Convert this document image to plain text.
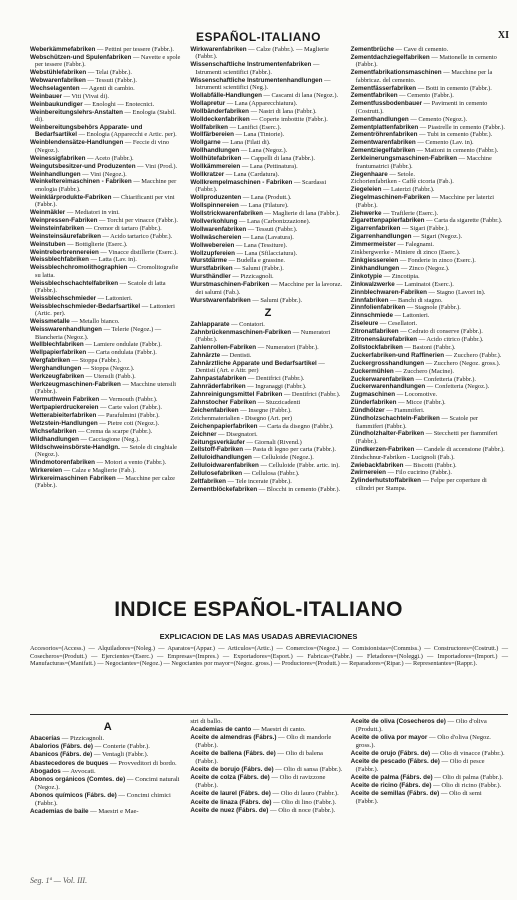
ESPAÑOL-ITALIANO	XI
Weberkämmefabriken — Pettini per tessere (Fabbr.).
Webschützen-und Spulenfabriken — Navette e spole per tessere (Fabbr.).
Webstühlefabriken — Telai (Fabbr.).
Webwarenfabriken — Tessuti (Fabbr.).
Wechselagenten — Agenti di cambio.
Weinbauer — Viti (Vivai di).
Weinbaukundiger — Enologhi — Enotecnici.
Weinbereitungslehrs-Anstalten — Enologia (Stabil. di).
Weinbereitungsbehörs Apparate- und Bedarfsartikel — Enologia (Apparecchi e Artic. per).
Weinblendensätze-Handlungen — Feccie di vino (Negoz.).
Weinessigfabriken — Aceto (Fabbr.).
Weingutsbesitzer-und Produzenten — Vini (Prod.).
Weinhandlungen — Vini (Negoz.).
Weinkeltereimaschinen - Fabriken — Macchine per enologia (Fabbr.).
Weinklärprodukte-Fabriken — Chiarificanti per vini (Fabbr.).
Weinmäkler — Mediatori in vini.
Weinpressen-Fabriken — Torchi per vinacce (Fabbr.).
Weinsteinfabriken — Cremor di tartaro (Fabbr.).
Weinsteinsäurefabriken — Acido tartarico (Fabbr.).
Weinstuben — Bottiglierie (Eserc.).
Weintreberbrennereien — Vinacce distillerie (Eserc.).
Weissblechfabriken — Latta (Lav. in).
Weissblechchromolithographien — Cromolitografie su latta.
Weissblechschachtelfabriken — Scatole di latta (Fabbr.).
Weissblechschmieder — Lattonieri.
Weissblechschmieder-Bedarfsartikel — Lattonieri (Artic. per).
Weissmetalle — Metallo bianco.
Weisswarenhandlungen — Telerie (Negoz.) — Biancheria (Negoz.).
Wellblechfabriken — Lamiere ondulate (Fabbr.).
Wellpapierfabriken — Carta ondulata (Fabbr.).
Wergfabriken — Stoppa (Fabbr.).
Werghandlungen — Stoppa (Negoz.).
Werkzeugfabriken — Utensili (Fabb.).
Werkzeugmaschinen-Fabriken — Macchine utensili (Fabbr.).
Wermuthwein Fabriken — Vermouth (Fabbr.).
Wertpapierdruckereien — Carte valori (Fabbr.).
Wetterabieiterfabriken — Parafulmini (Fabbr.).
Wetzstein-Handlungen — Pietre coti (Negoz.).
Wichsefabriken — Crema da scarpe (Fabbr.).
Wildhandlungen — Cacciagione (Neg.).
Wildschweinsbörste-Handlgn. — Setole di cinghiale (Negoz.).
Windmotorenfabriken — Motori a vento (Fabbr.).
Wirkereien — Calze e Maglierie (Fab.).
Wirkereimaschinen Fabriken — Macchine per calze (Fabbr.).
Wirkwarenfabriken — Calze (Fabbr.). — Maglierie (Fabbr.).
Wissenschaftliche Instrumentenfabriken — Istrumenti scientifici (Fabbr.).
Wissenschaftliche Instrumentenhandlungen — Istrumenti scientifici (Neg.).
Wollabfälle-Handlungen — Cascami di lana (Negoz.).
Wollapretur — Lana (Apparecchiatura).
Wollbänderfabriken — Nastri di lana (Fabbr.).
Wolldeckenfabriken — Coperte imbottite (Fabbr.).
Wollfabriken — Lanifici (Eserc.).
Wollfärbereien — Lana (Tintorie).
Wollgarne — Lana (Filati di).
Wollhandlungen — Lana (Negoz.).
Wollhütefabriken — Cappelli di lana (Fabbr.).
Wollkämmereien — Lana (Pettinatura).
Wollkratzer — Lana (Cardatura).
Wollkrempelmaschinen - Fabriken — Scardassi (Fabbr.).
Wollproduzenten — Lana (Produtt.).
Wollspinnereien — Lana (Filature).
Wollstrickwarenfabriken — Maglierie di lana (Fabbr.).
Wollverkohlung — Lana (Carbonizzazione).
Wollwarenfabriken — Tessuti (Fabbr.).
Wollwäschereien — Lana (Lavatura).
Wollwebereien — Lana (Tessiture).
Wollzupfereien — Lana (Sfilacciatura).
Wurstdärme — Budella e grassine.
Wurstfabriken — Salumi (Fabbr.).
Wursthändler — Pizzicagnoli.
Wurstmaschinen-Fabriken — Macchine per la lavoraz. dei salumi (Fab.).
Wurstwarenfabriken — Salumi (Fabbr.).
Z
Zahlapparate — Contatori.
Zahnbrückenmaschinen-Fabriken — Numeratori (Fabbr.).
Zahlenrollen-Fabriken — Numeratori (Fabbr.).
Zahnärzte — Dentisti.
Zahnärztliche Apparate und Bedarfsartikel — Dentistí (Art. e Attr. per)
Zahnpastafabriken — Dentifrici (Fabbr.).
Zahnräderfabriken — Ingranaggi (Fabbr.).
Zahnreinigungsmittel Fabriken — Dentifrici (Fabbr.).
Zahnstocher Fabriken — Stuzzicadenti
Zeichenfabriken — Insegne (Fabbr.).
Zeichenmaterialien - Disegno (Art. per)
Zeichenpapierfabriken — Carta da disegno (Fabbr.).
Zeichner — Disegnatori.
Zeitungsverkäufer — Giornali (Rivend.)
Zellstoff-Fabriken — Pasta di legno per carta (Fabbr.).
Zelluloidhandlungen — Celluloide (Negoz.).
Zelluloidwarenfabriken — Celluloide (Fabbr. artic. in).
Zellulosefabriken — Cellulosa (Fabbr.).
Zeltfabriken — Tele incerate (Fabbr.).
Zementblöckefabriken — Blocchi in cemento (Fabbr.).
Zementbrüche — Cave di cemento.
Zementdachziegelfabriken — Mattonelle in cemento (Fabbr.).
Zementfabrikationsmaschinen — Macchine per la fabbricaz. del cemento.
Zementfässerfabriken — Botti in cemento (Fabbr.).
Zementfabriken — Cemento (Fabbr.).
Zementfussbodenbauer — Pavimenti in cemento (Costrutt.).
Zementhandlungen — Cemento (Negoz.).
Zementplattenfabriken — Piastrelle in cemento (Fabbr.).
Zementröhrenfabriken — Tubi in cemento (Fabbr.).
Zementwarenfabriken — Cemento (Lav. in).
Zementziegelfabriken — Mattoni in cemento (Fabbr.).
Zerkleinerungsmaschinen-Fabriken — Macchine frantumatrici (Fabbr.).
Ziegenhaare — Setole.
Zichorienfabriken - Caffè cicoria (Fab.).
Ziegeleien — Laterizi (Fabbr.).
Ziegelmaschinen-Fabriken — Macchine per laterizi (Fabbr.).
Ziehwerke — Trafilerie (Eserc.).
Zigarettenpapierfabriken — Carta da sigarette (Fabbr.).
Zigarrenfabriken — Sigari (Fabbr.).
Zigarrenhandlungen — Sigari (Negoz.).
Zimmermeister — Falegnami.
Zinkbergwerke - Miniere di zinco (Eserc.).
Zinkgiessereien — Fonderie in zinco (Eserc.).
Zinkhandlungen — Zinco (Negoz.).
Zinkotypie — Zincotipia.
Zinkwalzwerke — Laminatoi (Eserc.).
Zinnblechwaren-Fabriken — Stagno (Lavori in).
Zinnfabriken — Banchi di stagno.
Zinnfolienfabriken — Stagnole (Fabbr.).
Zinnschmiede — Lattonieri.
Ziseleure — Cesellatori.
Zitronatfabriken — Cedrato di conserve (Fabbr.).
Zitronensäurefabriken — Acido citrico (Fabbr.).
Zollstockfabriken — Bastoni (Fabbr.).
Zuckerfabriken-und Raffinerien — Zucchero (Fabbr.).
Zuckergrosshandlungen — Zucchero (Negoz. gross.).
Zuckermühlen — Zucchero (Macine).
Zuckerwarenfabriken — Confetteria (Fabbr.).
Zuckerwarenhandlungen — Confetteria (Negoz.).
Zugmaschinen — Locomotive.
Zünderfabriken — Micce (Fabbr.).
Zündhölzer — Fiammiferi.
Zündholzschachteln-Fabriken — Scatole per fiammiferi (Fabbr.).
Zündholzhalter-Fabriken — Stecchetti per fiammiferi (Fabbr.).
Zündkerzen-Fabriken — Candele di accensione (Fabbr.).
Zündschnur-Fabriken - Lucignoli (Fab.).
Zwiebackfabriken — Biscotti (Fabbr.).
Zwirnereien — Filo cucirino (Fabbr.).
Zylinderhutstoffabriken — Felpe per coperture di cilindri per Stampa.
INDICE ESPAÑOL-ITALIANO
EXPLICACION DE LAS MAS USADAS ABREVIACIONES
Accesorios=(Access.) — Alquiladores=(Noleg.) — Aparatos=(Appar.) — Articulos=(Artic.) — Comercios=(Negoz.) — Comisionistas=(Commiss.) — Constructores=(Costrutt.) — Cosecheros=(Produtt.) — Ejercientes=(Eserc.) — Empresas=(Impres.) — Exportadores=(Esport.) — Fabricas=(Fabbr.) — Fletadores=(Noleggi.) — Importadores=(Import.) — Manufacturas=(Manifatt.) — Negociantes=(Negoz.) — Negociantes por mayor=(Negoz. gross.) — Productores=(Produtt.) — Reparadores=(Ripar.) — Representantes=(Rappr.).
A
Abacerías — Pizzicagnoli.
Abalorios (Fábrs. de) — Conterie (Fabbr.).
Abanicos (Fábrs. de) — Ventagli (Fabbr.).
Abastecedores de buques — Provveditori di bordo.
Abogados — Avvocati.
Abonos orgánicos (Comtes. de) — Concimi naturali (Negoz.).
Abonos químicos (Fábrs. de) — Concimi chimici (Fabbr.).
Academias de baile — Maestri e Mae-
stri di ballo.
Academias de canto — Maestri di canto.
Aceite de almendras (Fábrs.) — Olio di mandorle (Fabbr.).
Aceite de ballena (Fábrs. de) — Olio di balena (Fabbr.).
Aceite de borujo (Fábrs. de) — Olio di sansa (Fabbr.).
Aceite de colza (Fábrs. de) — Olio di ravizzone (Fabbr.).
Aceite de laurel (Fábrs. de) — Olio di lauro (Fabbr.).
Aceite de linaza (Fábrs. de) — Olio di lino (Fabbr.).
Aceite de nuez (Fábrs. de) — Olio di noce (Fabbr.).
Aceite de oliva (Cosecheros de) — Olio d'oliva (Produtt.).
Aceite de oliva por mayor — Olio d'oliva (Negoz. gross.).
Aceite de orujo (Fábrs. de) — Olio di vinacce (Fabbr.).
Aceite de pescado (Fábrs. de) — Olio di pesce (Fabbr.).
Aceite de palma (Fábrs. de) — Olio di palma (Fabbr.).
Aceite de ricino (Fábrs. de) — Olio di ricino (Fabbr.).
Aceite de semillas (Fábrs. de) — Olio di semi (Fabbr.).
Seg. 1ª — Vol. III.
